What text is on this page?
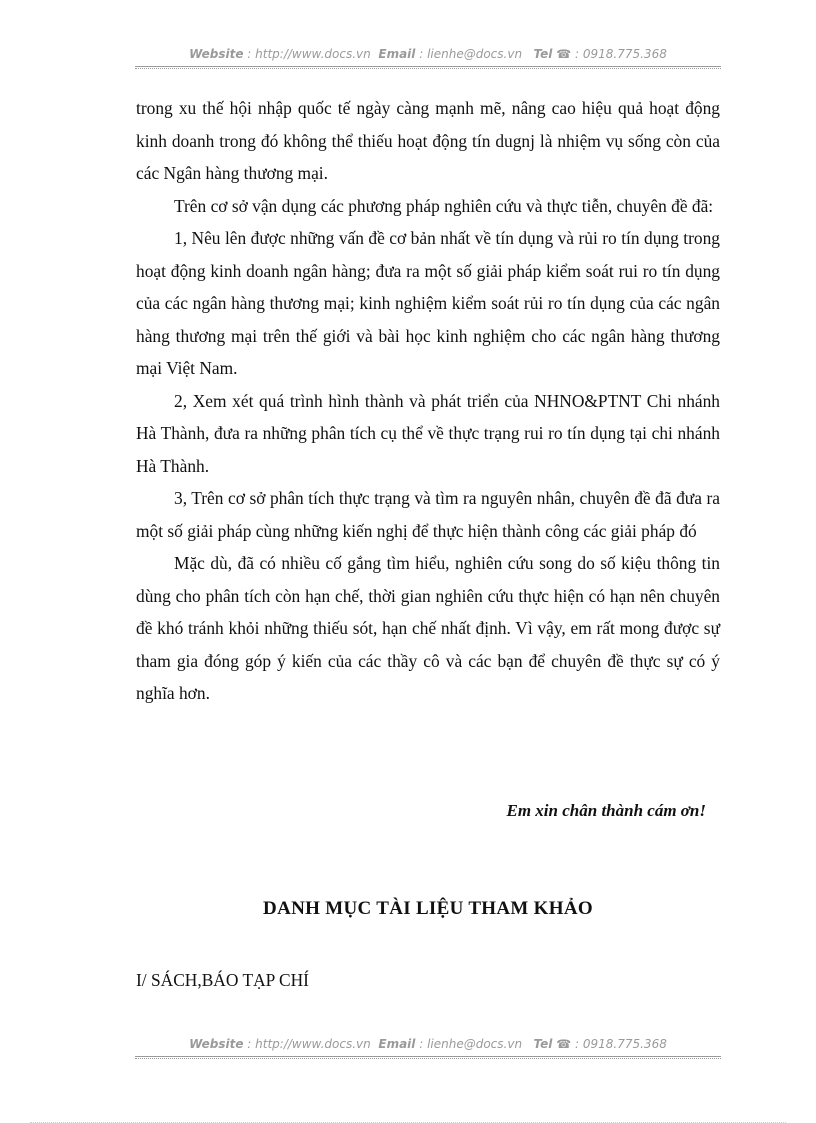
Website : http://www.docs.vn Email : lienhe@docs.vn Tel ☎ : 0918.775.368

trong xu thế hội nhập quốc tế ngày càng mạnh mẽ, nâng cao hiệu quả hoạt động kinh doanh trong đó không thể thiếu hoạt động tín dugnj là nhiệm vụ sống còn của các Ngân hàng thương mại.

Trên cơ sở vận dụng các phương pháp nghiên cứu và thực tiễn, chuyên đề đã:

1, Nêu lên được những vấn đề cơ bản nhất về tín dụng và rủi ro tín dụng trong hoạt động kinh doanh ngân hàng; đưa ra một số giải pháp kiểm soát rui ro tín dụng của các ngân hàng thương mại; kinh nghiệm kiểm soát rủi ro tín dụng của các ngân hàng thương mại trên thế giới và bài học kinh nghiệm cho các ngân hàng thương mại Việt Nam.

2, Xem xét quá trình hình thành và phát triển của NHNO&PTNT Chi nhánh Hà Thành, đưa ra những phân tích cụ thể về thực trạng rui ro tín dụng tại chi nhánh Hà Thành.

3, Trên cơ sở phân tích thực trạng và tìm ra nguyên nhân, chuyên đề đã đưa ra một số giải pháp cùng những kiến nghị để thực hiện thành công các giải pháp đó

Mặc dù, đã có nhiều cố gắng tìm hiểu, nghiên cứu song do số kiệu thông tin dùng cho phân tích còn hạn chế, thời gian nghiên cứu thực hiện có hạn nên chuyên đề khó tránh khỏi những thiếu sót, hạn chế nhất định. Vì vậy, em rất mong được sự tham gia đóng góp ý kiến của các thầy cô và các bạn để chuyên đề thực sự có ý nghĩa hơn.

Em xin chân thành cám ơn!
DANH MỤC TÀI LIỆU THAM KHẢO
I/ SÁCH,BÁO TẠP CHÍ
Website : http://www.docs.vn Email : lienhe@docs.vn Tel ☎ : 0918.775.368
